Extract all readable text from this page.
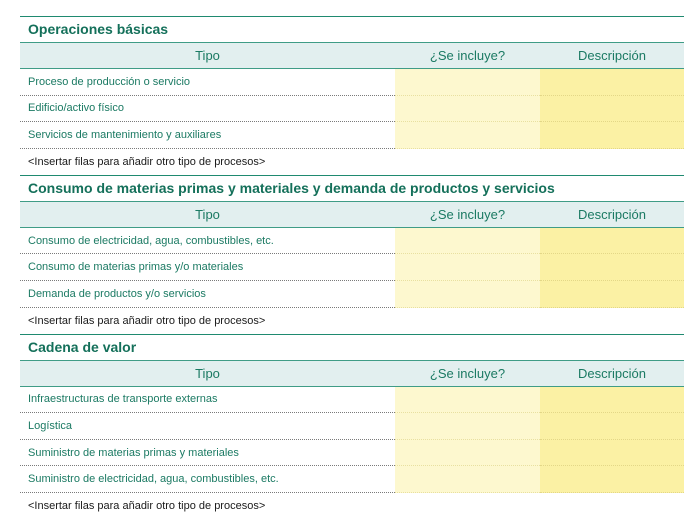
Operaciones básicas
Tipo	¿Se incluye?	Descripción
Proceso de producción o servicio
Edificio/activo físico
Servicios de mantenimiento y auxiliares
<Insertar filas para añadir otro tipo de procesos>
Consumo de materias primas y materiales y demanda de productos y servicios
Tipo	¿Se incluye?	Descripción
Consumo de electricidad, agua, combustibles, etc.
Consumo de materias primas y/o materiales
Demanda de productos y/o servicios
<Insertar filas para añadir otro tipo de procesos>
Cadena de valor
Tipo	¿Se incluye?	Descripción
Infraestructuras de transporte externas
Logística
Suministro de materias primas y materiales
Suministro de electricidad, agua, combustibles, etc.
<Insertar filas para añadir otro tipo de procesos>
